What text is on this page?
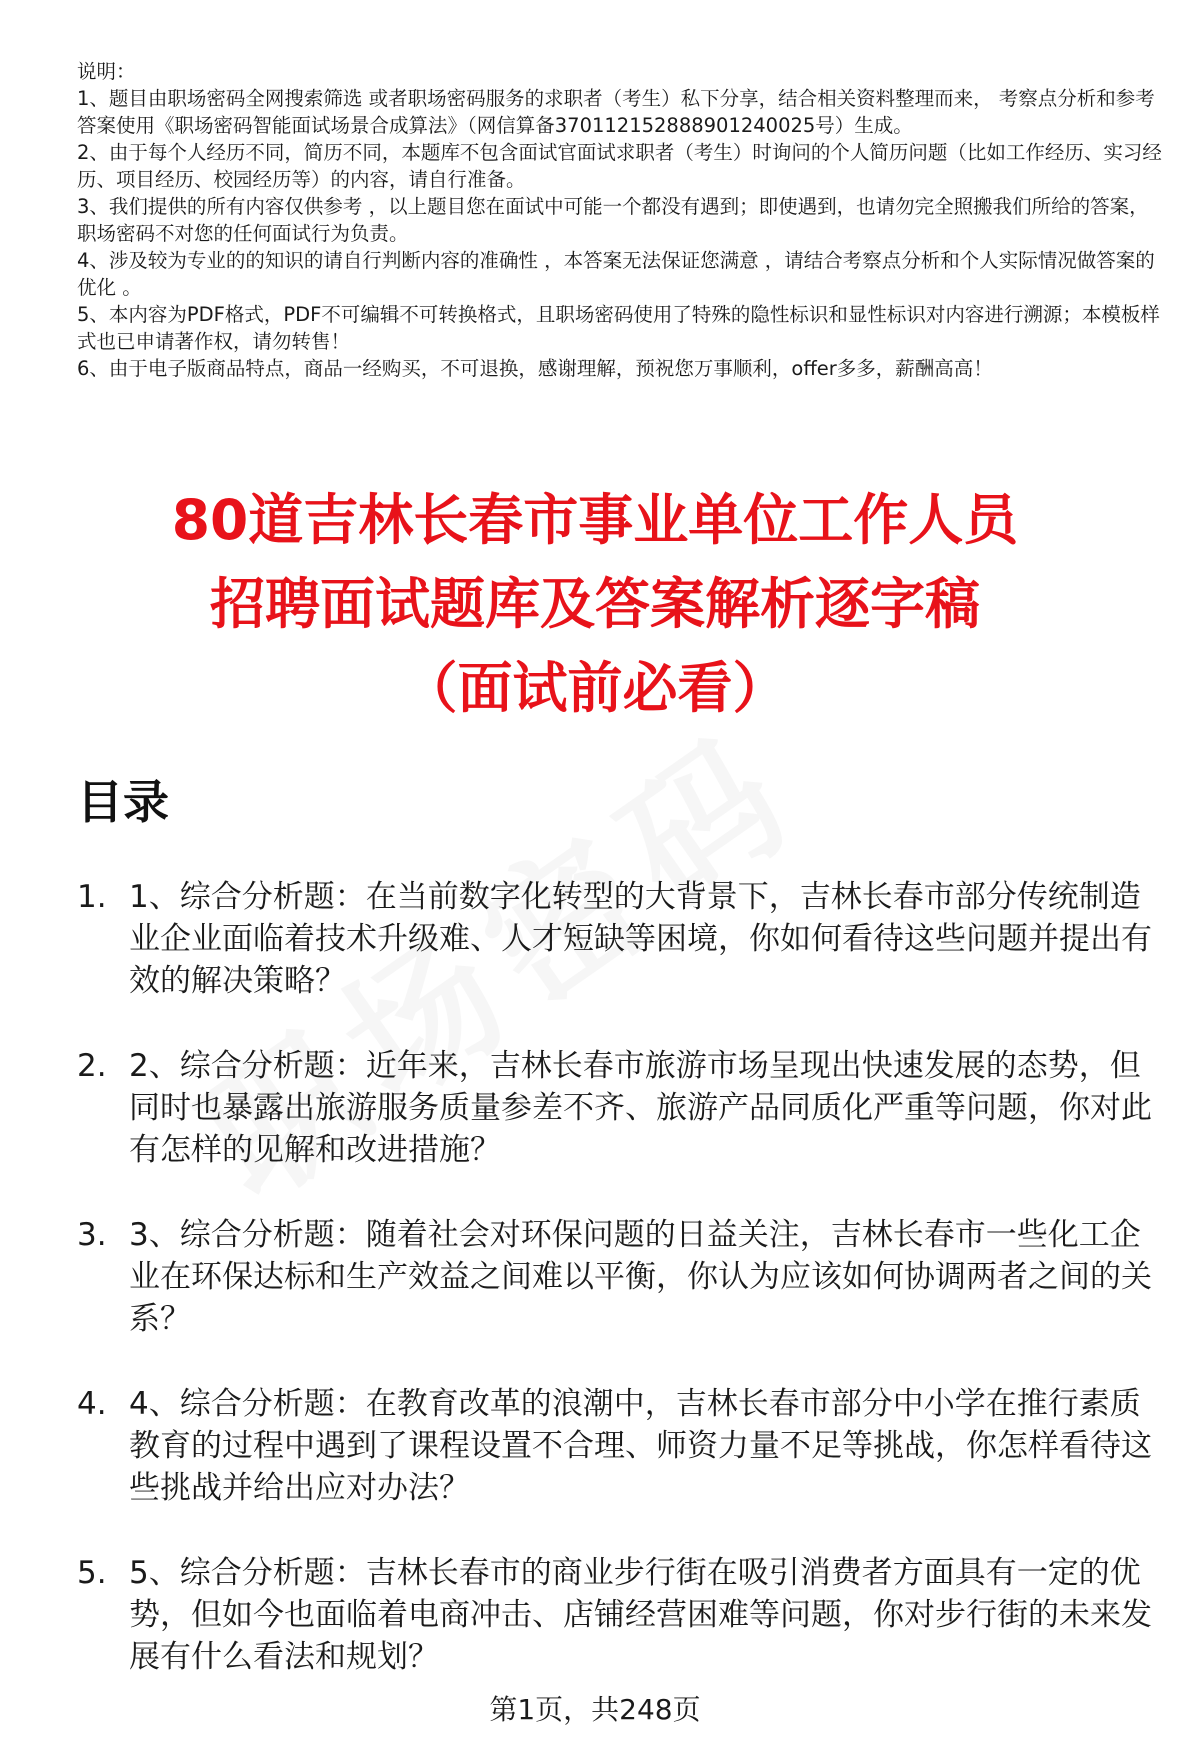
说明：

1、题目由职场密码全网搜索筛选 或者职场密码服务的求职者（考生）私下分享，结合相关资料整理而来， 考察点分析和参考答案使用《职场密码智能面试场景合成算法》（网信算备370112152888901240025号）生成。

2、由于每个人经历不同，简历不同，本题库不包含面试官面试求职者（考生）时询问的个人简历问题（比如工作经历、实习经历、项目经历、校园经历等）的内容，请自行准备。

3、我们提供的所有内容仅供参考 ，以上题目您在面试中可能一个都没有遇到；即使遇到，也请勿完全照搬我们所给的答案，职场密码不对您的任何面试行为负责。

4、涉及较为专业的的知识的请自行判断内容的准确性 ，本答案无法保证您满意 ，请结合考察点分析和个人实际情况做答案的优化 。

5、本内容为PDF格式，PDF不可编辑不可转换格式，且职场密码使用了特殊的隐性标识和显性标识对内容进行溯源；本模板样式也已申请著作权，请勿转售！

6、由于电子版商品特点，商品一经购买，不可退换，感谢理解，预祝您万事顺利，offer多多，薪酬高高！

80道吉林长春市事业单位工作人员
招聘面试题库及答案解析逐字稿
（面试前必看）
目录
1. 1、综合分析题：在当前数字化转型的大背景下，吉林长春市部分传统制造业企业面临着技术升级难、人才短缺等困境，你如何看待这些问题并提出有效的解决策略？
2. 2、综合分析题：近年来，吉林长春市旅游市场呈现出快速发展的态势，但同时也暴露出旅游服务质量参差不齐、旅游产品同质化严重等问题，你对此有怎样的见解和改进措施？
3. 3、综合分析题：随着社会对环保问题的日益关注，吉林长春市一些化工企业在环保达标和生产效益之间难以平衡，你认为应该如何协调两者之间的关系？
4. 4、综合分析题：在教育改革的浪潮中，吉林长春市部分中小学在推行素质教育的过程中遇到了课程设置不合理、师资力量不足等挑战，你怎样看待这些挑战并给出应对办法？
5. 5、综合分析题：吉林长春市的商业步行街在吸引消费者方面具有一定的优势，但如今也面临着电商冲击、店铺经营困难等问题，你对步行街的未来发展有什么看法和规划？
第1页，共248页
